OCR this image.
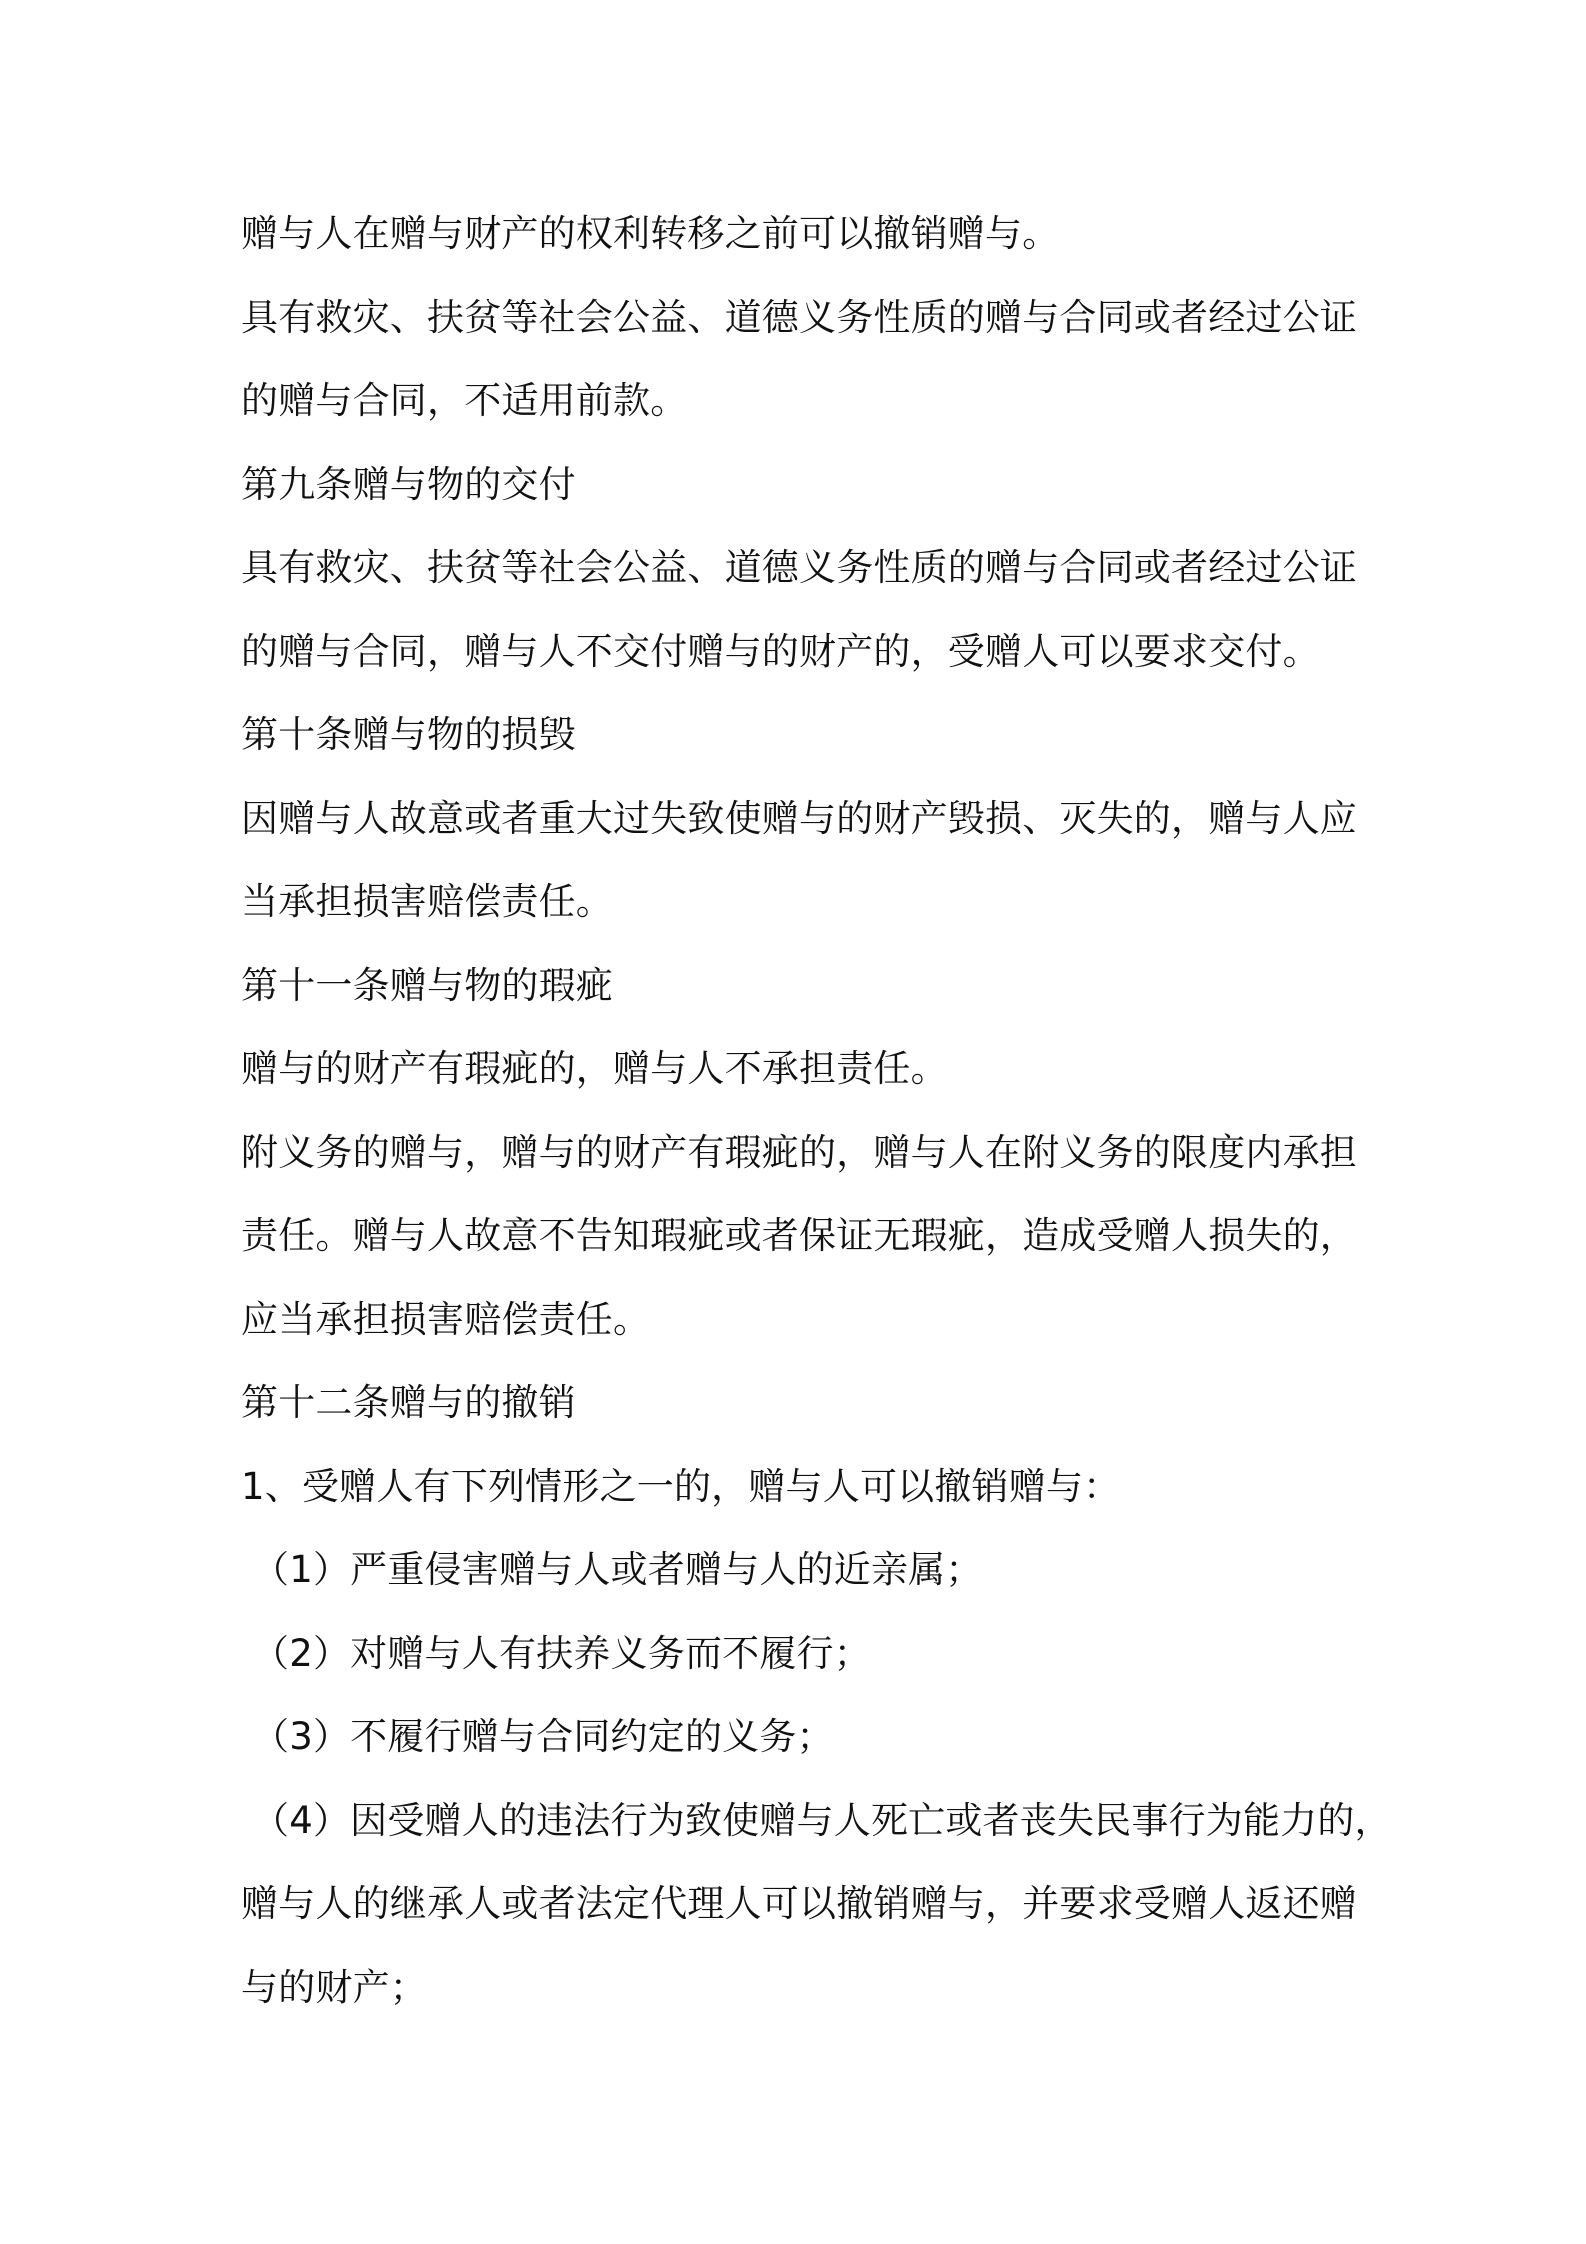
赠与人在赠与财产的权利转移之前可以撤销赠与。
具有救灾、扶贫等社会公益、道德义务性质的赠与合同或者经过公证
的赠与合同，不适用前款。
第九条赠与物的交付
具有救灾、扶贫等社会公益、道德义务性质的赠与合同或者经过公证
的赠与合同，赠与人不交付赠与的财产的，受赠人可以要求交付。
第十条赠与物的损毁
因赠与人故意或者重大过失致使赠与的财产毁损、灭失的，赠与人应
当承担损害赔偿责任。
第十一条赠与物的瑕疵
赠与的财产有瑕疵的，赠与人不承担责任。
附义务的赠与，赠与的财产有瑕疵的，赠与人在附义务的限度内承担
责任。赠与人故意不告知瑕疵或者保证无瑕疵，造成受赠人损失的，
应当承担损害赔偿责任。
第十二条赠与的撤销
1、受赠人有下列情形之一的，赠与人可以撤销赠与：
（1）严重侵害赠与人或者赠与人的近亲属；
（2）对赠与人有扶养义务而不履行；
（3）不履行赠与合同约定的义务；
（4）因受赠人的违法行为致使赠与人死亡或者丧失民事行为能力的，
赠与人的继承人或者法定代理人可以撤销赠与，并要求受赠人返还赠
与的财产；
